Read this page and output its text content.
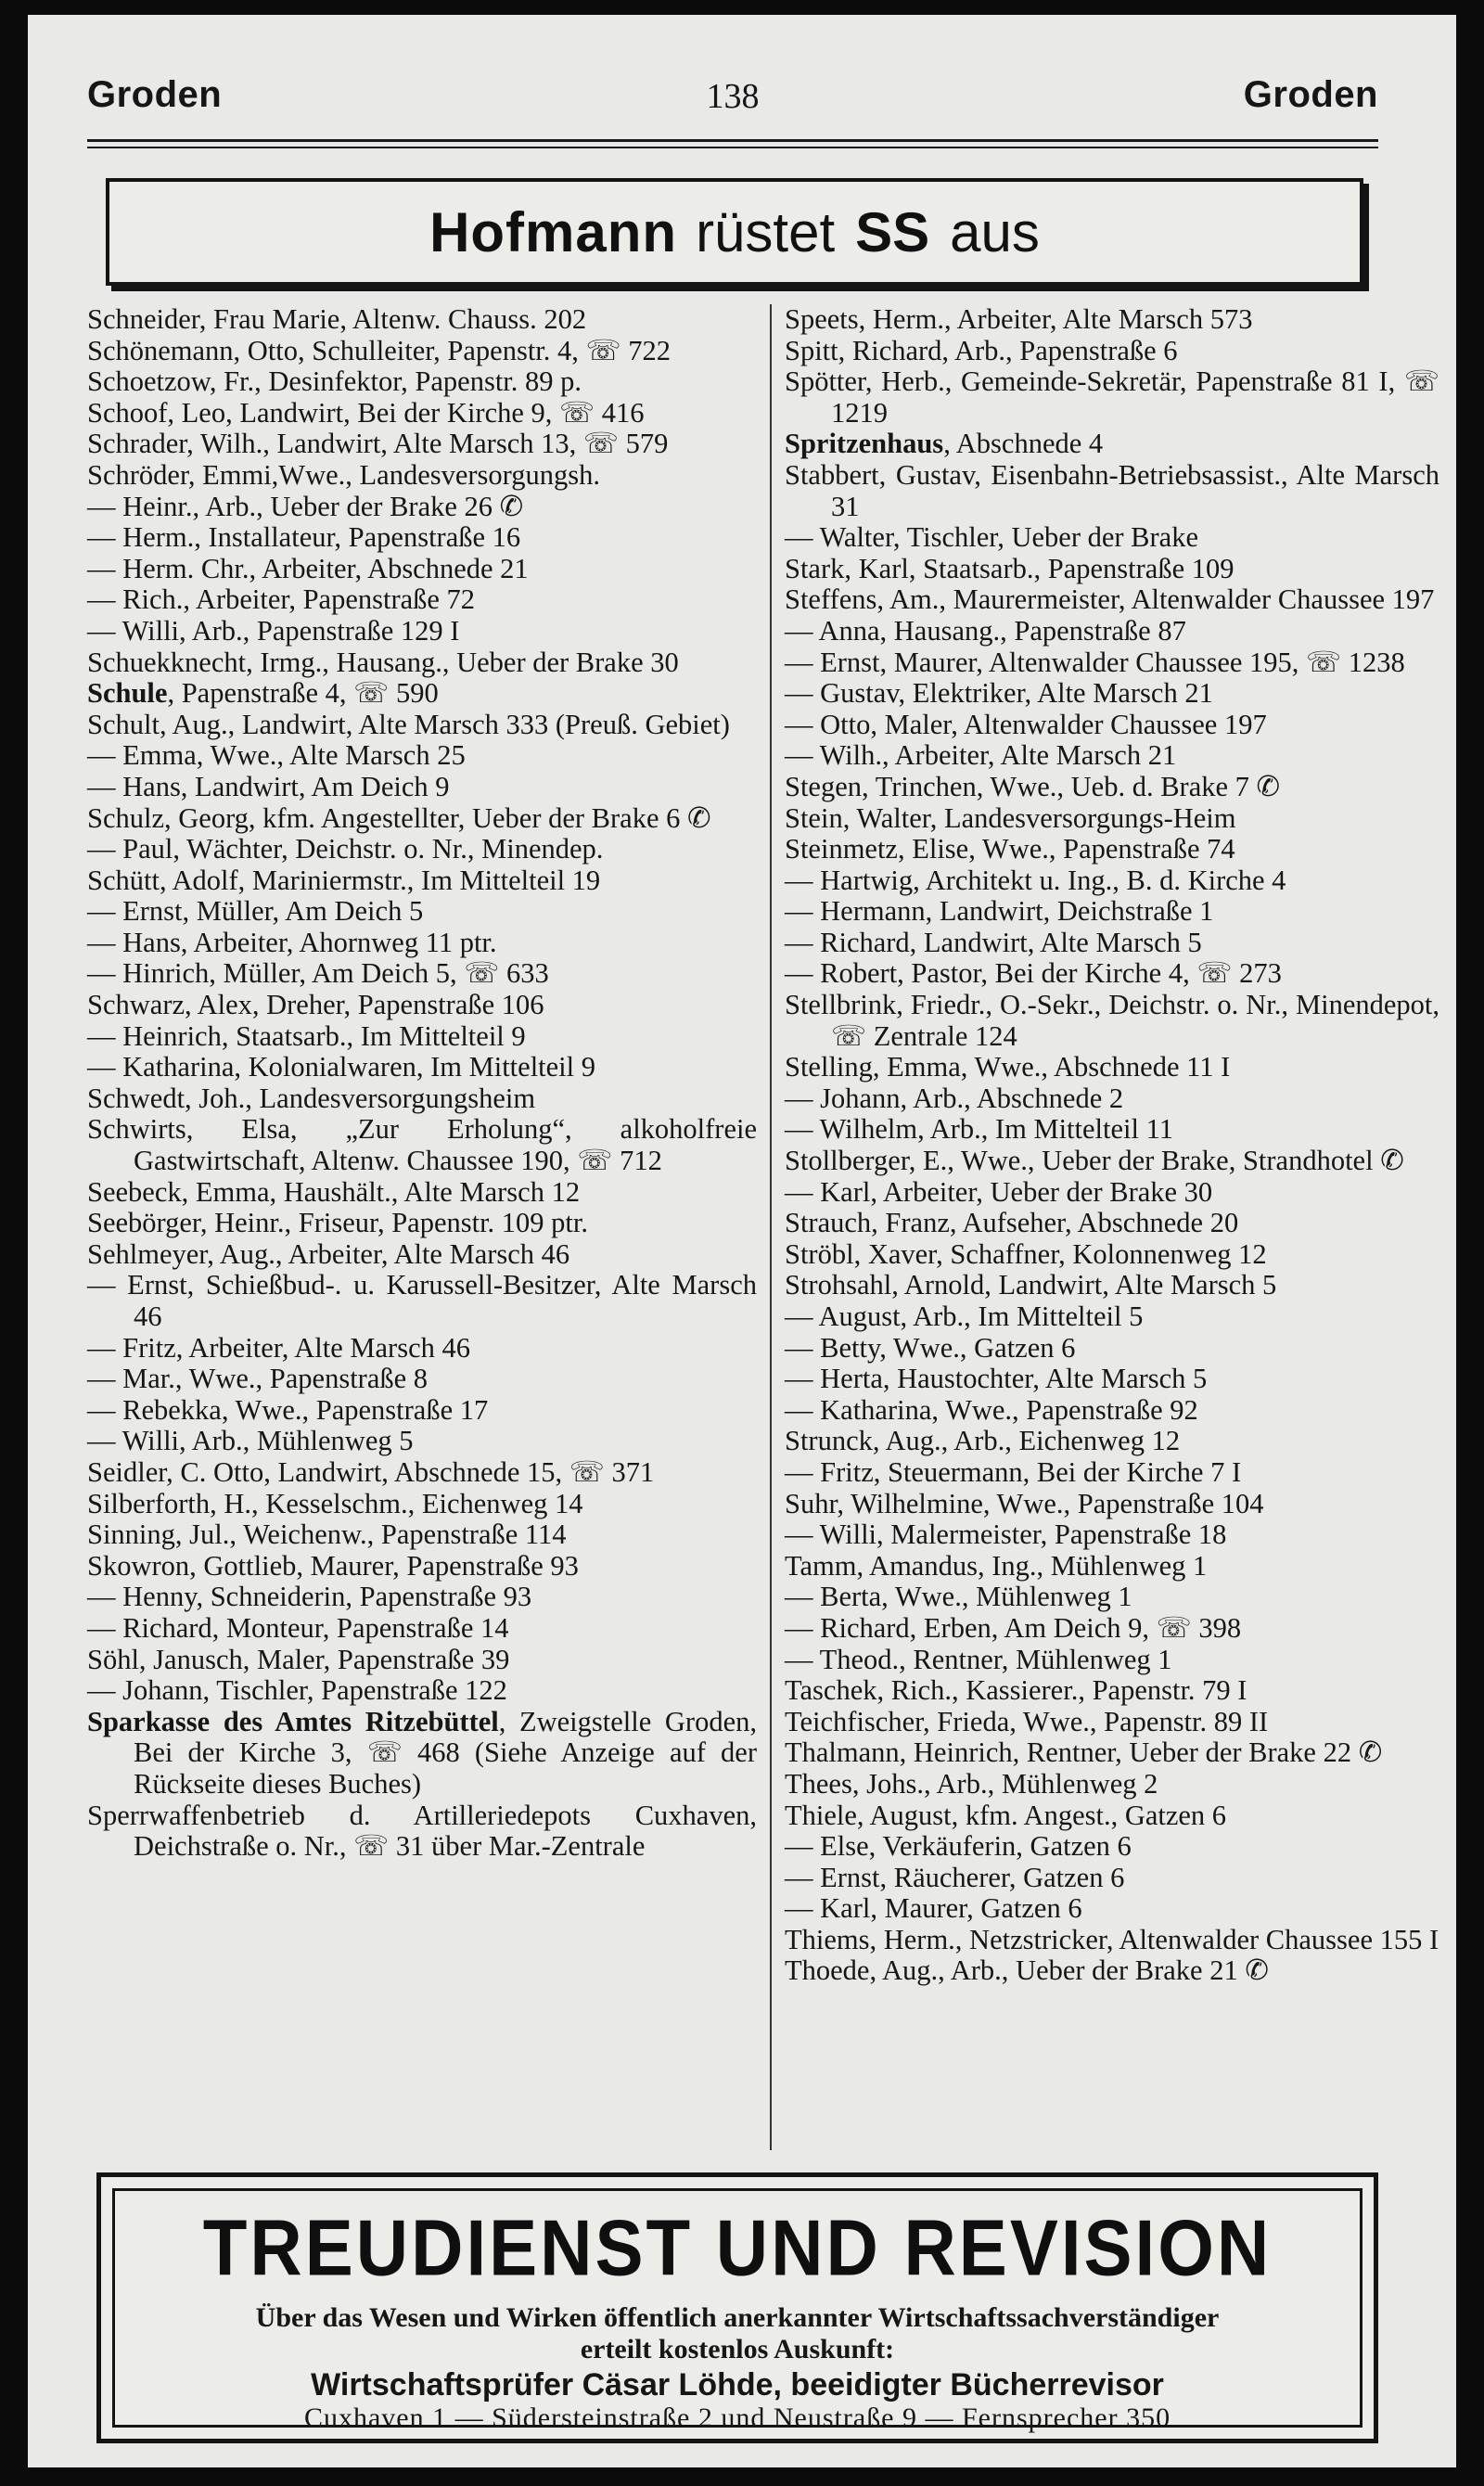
Groden	138	Groden
Hofmann rüstet SS aus
Schneider, Frau Marie, Altenw. Chauss. 202
Schönemann, Otto, Schulleiter, Papenstr. 4, ☏ 722
Schoetzow, Fr., Desinfektor, Papenstr. 89 p.
Schoof, Leo, Landwirt, Bei der Kirche 9, ☏ 416
Schrader, Wilh., Landwirt, Alte Marsch 13, ☏ 579
Schröder, Emmi,Wwe., Landesversorgungsh.
— Heinr., Arb., Ueber der Brake 26 ✆
— Herm., Installateur, Papenstraße 16
— Herm. Chr., Arbeiter, Abschnede 21
— Rich., Arbeiter, Papenstraße 72
— Willi, Arb., Papenstraße 129 I
Schuekknecht, Irmg., Hausang., Ueber der Brake 30
Schule, Papenstraße 4, ☏ 590
Schult, Aug., Landwirt, Alte Marsch 333 (Preuß. Gebiet)
— Emma, Wwe., Alte Marsch 25
— Hans, Landwirt, Am Deich 9
Schulz, Georg, kfm. Angestellter, Ueber der Brake 6 ✆
— Paul, Wächter, Deichstr. o. Nr., Minendep.
Schütt, Adolf, Mariniermstr., Im Mittelteil 19
— Ernst, Müller, Am Deich 5
— Hans, Arbeiter, Ahornweg 11 ptr.
— Hinrich, Müller, Am Deich 5, ☏ 633
Schwarz, Alex, Dreher, Papenstraße 106
— Heinrich, Staatsarb., Im Mittelteil 9
— Katharina, Kolonialwaren, Im Mittelteil 9
Schwedt, Joh., Landesversorgungsheim
Schwirts, Elsa, „Zur Erholung“, alkoholfreie Gastwirtschaft, Altenw. Chaussee 190, ☏ 712
Seebeck, Emma, Haushält., Alte Marsch 12
Seebörger, Heinr., Friseur, Papenstr. 109 ptr.
Sehlmeyer, Aug., Arbeiter, Alte Marsch 46
— Ernst, Schießbud-. u. Karussell-Besitzer, Alte Marsch 46
— Fritz, Arbeiter, Alte Marsch 46
— Mar., Wwe., Papenstraße 8
— Rebekka, Wwe., Papenstraße 17
— Willi, Arb., Mühlenweg 5
Seidler, C. Otto, Landwirt, Abschnede 15, ☏ 371
Silberforth, H., Kesselschm., Eichenweg 14
Sinning, Jul., Weichenw., Papenstraße 114
Skowron, Gottlieb, Maurer, Papenstraße 93
— Henny, Schneiderin, Papenstraße 93
— Richard, Monteur, Papenstraße 14
Söhl, Janusch, Maler, Papenstraße 39
— Johann, Tischler, Papenstraße 122
Sparkasse des Amtes Ritzebüttel, Zweigstelle Groden, Bei der Kirche 3, ☏ 468 (Siehe Anzeige auf der Rückseite dieses Buches)
Sperrwaffenbetrieb d. Artilleriedepots Cuxhaven, Deichstraße o. Nr., ☏ 31 über Mar.-Zentrale
Speets, Herm., Arbeiter, Alte Marsch 573
Spitt, Richard, Arb., Papenstraße 6
Spötter, Herb., Gemeinde-Sekretär, Papenstraße 81 I, ☏ 1219
Spritzenhaus, Abschnede 4
Stabbert, Gustav, Eisenbahn-Betriebsassist., Alte Marsch 31
— Walter, Tischler, Ueber der Brake
Stark, Karl, Staatsarb., Papenstraße 109
Steffens, Am., Maurermeister, Altenwalder Chaussee 197
— Anna, Hausang., Papenstraße 87
— Ernst, Maurer, Altenwalder Chaussee 195, ☏ 1238
— Gustav, Elektriker, Alte Marsch 21
— Otto, Maler, Altenwalder Chaussee 197
— Wilh., Arbeiter, Alte Marsch 21
Stegen, Trinchen, Wwe., Ueb. d. Brake 7 ✆
Stein, Walter, Landesversorgungs-Heim
Steinmetz, Elise, Wwe., Papenstraße 74
— Hartwig, Architekt u. Ing., B. d. Kirche 4
— Hermann, Landwirt, Deichstraße 1
— Richard, Landwirt, Alte Marsch 5
— Robert, Pastor, Bei der Kirche 4, ☏ 273
Stellbrink, Friedr., O.-Sekr., Deichstr. o. Nr., Minendepot, ☏ Zentrale 124
Stelling, Emma, Wwe., Abschnede 11 I
— Johann, Arb., Abschnede 2
— Wilhelm, Arb., Im Mittelteil 11
Stollberger, E., Wwe., Ueber der Brake, Strandhotel ✆
— Karl, Arbeiter, Ueber der Brake 30
Strauch, Franz, Aufseher, Abschnede 20
Ströbl, Xaver, Schaffner, Kolonnenweg 12
Strohsahl, Arnold, Landwirt, Alte Marsch 5
— August, Arb., Im Mittelteil 5
— Betty, Wwe., Gatzen 6
— Herta, Haustochter, Alte Marsch 5
— Katharina, Wwe., Papenstraße 92
Strunck, Aug., Arb., Eichenweg 12
— Fritz, Steuermann, Bei der Kirche 7 I
Suhr, Wilhelmine, Wwe., Papenstraße 104
— Willi, Malermeister, Papenstraße 18
Tamm, Amandus, Ing., Mühlenweg 1
— Berta, Wwe., Mühlenweg 1
— Richard, Erben, Am Deich 9, ☏ 398
— Theod., Rentner, Mühlenweg 1
Taschek, Rich., Kassierer., Papenstr. 79 I
Teichfischer, Frieda, Wwe., Papenstr. 89 II
Thalmann, Heinrich, Rentner, Ueber der Brake 22 ✆
Thees, Johs., Arb., Mühlenweg 2
Thiele, August, kfm. Angest., Gatzen 6
— Else, Verkäuferin, Gatzen 6
— Ernst, Räucherer, Gatzen 6
— Karl, Maurer, Gatzen 6
Thiems, Herm., Netzstricker, Altenwalder Chaussee 155 I
Thoede, Aug., Arb., Ueber der Brake 21 ✆
TREUDIENST UND REVISION
Über das Wesen und Wirken öffentlich anerkannter Wirtschaftssachverständiger
erteilt kostenlos Auskunft:
Wirtschaftsprüfer Cäsar Löhde, beeidigter Bücherrevisor
Cuxhaven 1 — Südersteinstraße 2 und Neustraße 9 — Fernsprecher 350
